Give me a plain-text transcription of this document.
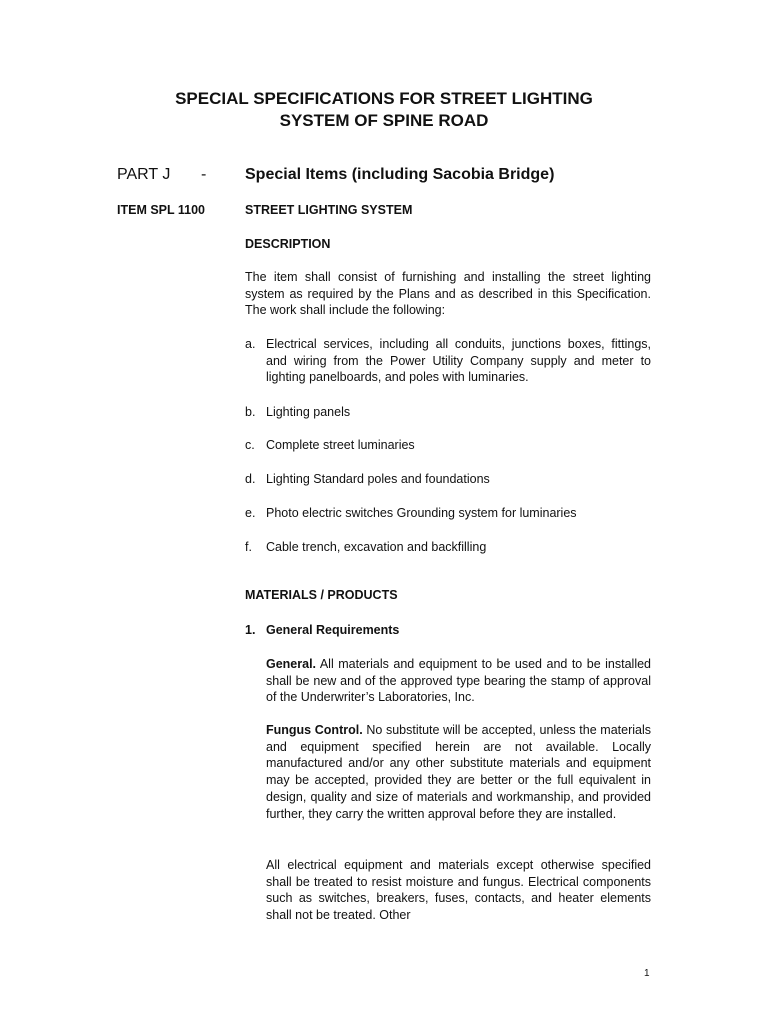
SPECIAL SPECIFICATIONS FOR STREET LIGHTING
SYSTEM OF SPINE ROAD
PART J - Special Items (including Sacobia Bridge)
ITEM SPL 1100	STREET LIGHTING SYSTEM
DESCRIPTION

The item shall consist of furnishing and installing the street lighting system as required by the Plans and as described in this Specification. The work shall include the following:

a. Electrical services, including all conduits, junctions boxes, fittings, and wiring from the Power Utility Company supply and meter to lighting panelboards, and poles with luminaries.
b. Lighting panels
c. Complete street luminaries
d. Lighting Standard poles and foundations
e. Photo electric switches Grounding system for luminaries
f. Cable trench, excavation and backfilling
MATERIALS / PRODUCTS
1. General Requirements

General. All materials and equipment to be used and to be installed shall be new and of the approved type bearing the stamp of approval of the Underwriter’s Laboratories, Inc.

Fungus Control. No substitute will be accepted, unless the materials and equipment specified herein are not available. Locally manufactured and/or any other substitute materials and equipment may be accepted, provided they are better or the full equivalent in design, quality and size of materials and workmanship, and provided further, they carry the written approval before they are installed.

All electrical equipment and materials except otherwise specified shall be treated to resist moisture and fungus. Electrical components such as switches, breakers, fuses, contacts, and heater elements shall not be treated. Other

1
